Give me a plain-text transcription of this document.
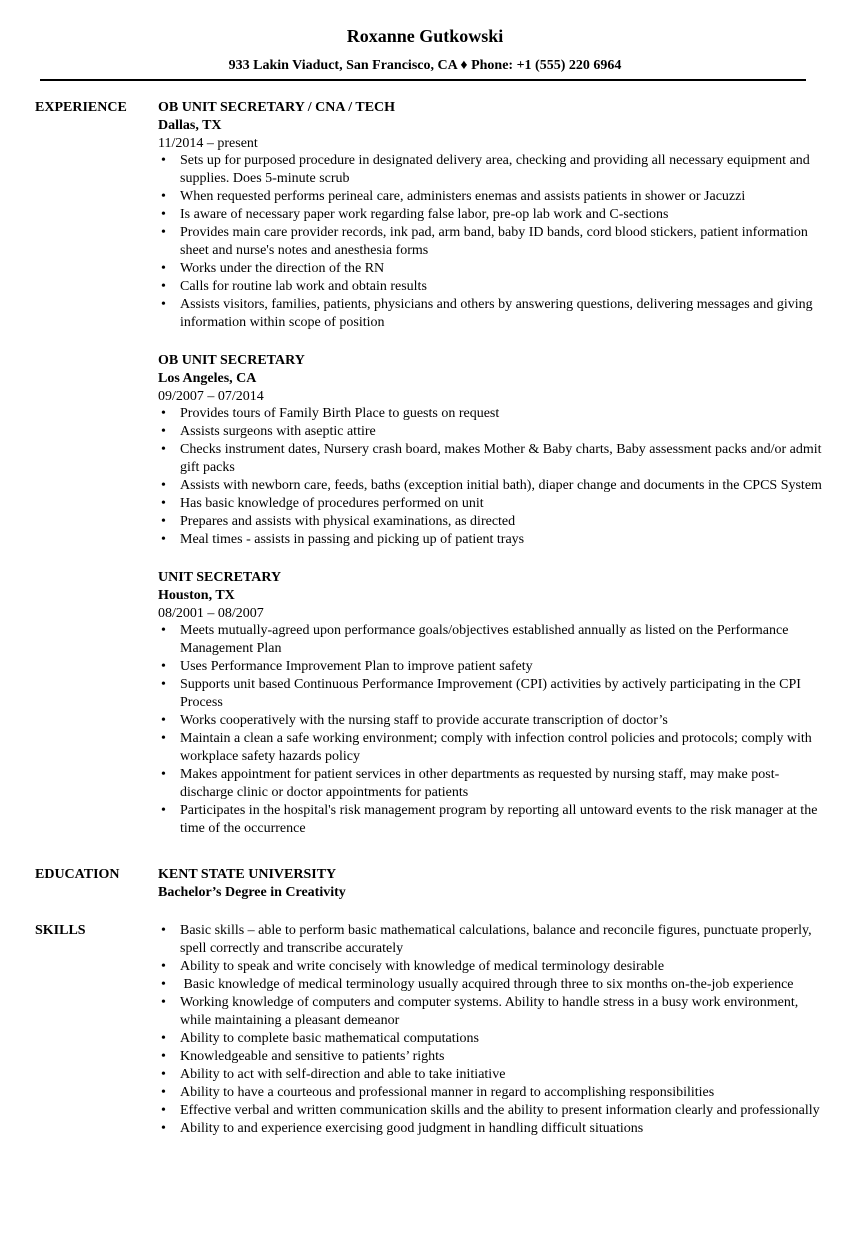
Roxanne Gutkowski
933 Lakin Viaduct, San Francisco, CA ♦ Phone: +1 (555) 220 6964
EXPERIENCE	OB UNIT SECRETARY / CNA / TECH
Dallas, TX
11/2014 – present
• Sets up for purposed procedure in designated delivery area, checking and providing all necessary equipment and supplies. Does 5-minute scrub
• When requested performs perineal care, administers enemas and assists patients in shower or Jacuzzi
• Is aware of necessary paper work regarding false labor, pre-op lab work and C-sections
• Provides main care provider records, ink pad, arm band, baby ID bands, cord blood stickers, patient information sheet and nurse's notes and anesthesia forms
• Works under the direction of the RN
• Calls for routine lab work and obtain results
• Assists visitors, families, patients, physicians and others by answering questions, delivering messages and giving information within scope of position
OB UNIT SECRETARY
Los Angeles, CA
09/2007 – 07/2014
• Provides tours of Family Birth Place to guests on request
• Assists surgeons with aseptic attire
• Checks instrument dates, Nursery crash board, makes Mother & Baby charts, Baby assessment packs and/or admit gift packs
• Assists with newborn care, feeds, baths (exception initial bath), diaper change and documents in the CPCS System
• Has basic knowledge of procedures performed on unit
• Prepares and assists with physical examinations, as directed
• Meal times - assists in passing and picking up of patient trays
UNIT SECRETARY
Houston, TX
08/2001 – 08/2007
• Meets mutually-agreed upon performance goals/objectives established annually as listed on the Performance Management Plan
• Uses Performance Improvement Plan to improve patient safety
• Supports unit based Continuous Performance Improvement (CPI) activities by actively participating in the CPI Process
• Works cooperatively with the nursing staff to provide accurate transcription of doctor’s
• Maintain a clean a safe working environment; comply with infection control policies and protocols; comply with workplace safety hazards policy
• Makes appointment for patient services in other departments as requested by nursing staff, may make post-discharge clinic or doctor appointments for patients
• Participates in the hospital's risk management program by reporting all untoward events to the risk manager at the time of the occurrence
EDUCATION	KENT STATE UNIVERSITY
Bachelor’s Degree in Creativity
SKILLS	• Basic skills – able to perform basic mathematical calculations, balance and reconcile figures, punctuate properly, spell correctly and transcribe accurately
• Ability to speak and write concisely with knowledge of medical terminology desirable
• Basic knowledge of medical terminology usually acquired through three to six months on-the-job experience
• Working knowledge of computers and computer systems. Ability to handle stress in a busy work environment, while maintaining a pleasant demeanor
• Ability to complete basic mathematical computations
• Knowledgeable and sensitive to patients’ rights
• Ability to act with self-direction and able to take initiative
• Ability to have a courteous and professional manner in regard to accomplishing responsibilities
• Effective verbal and written communication skills and the ability to present information clearly and professionally
• Ability to and experience exercising good judgment in handling difficult situations
